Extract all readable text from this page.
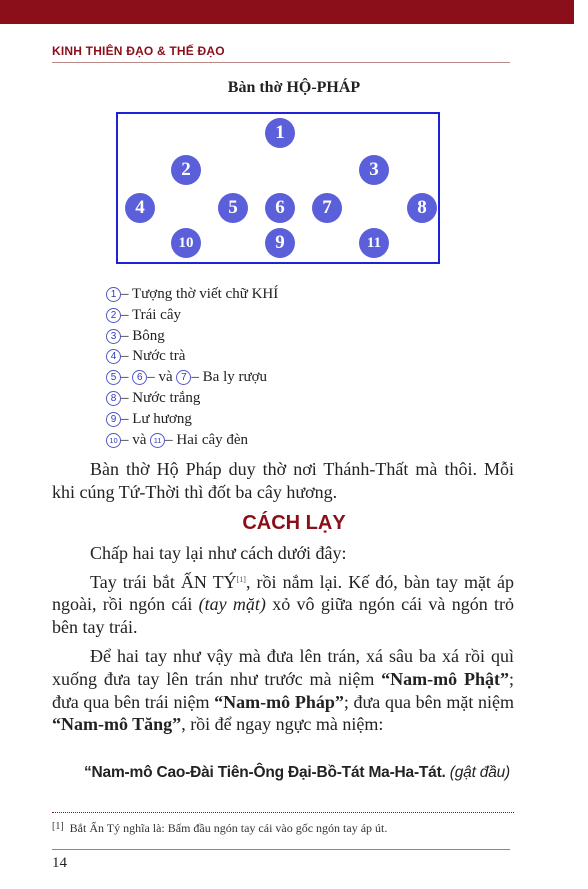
KINH THIÊN ĐẠO & THẾ ĐẠO
Bàn thờ HỘ-PHÁP
1
2	3
4	5	6	7	8
10	9	11
1 – Tượng thờ viết chữ KHÍ
2 – Trái cây
3 – Bông
4 – Nước trà
5 – 6 – và 7 – Ba ly rượu
8 – Nước trắng
9 – Lư hương
10 – và 11 – Hai cây đèn

Bàn thờ Hộ Pháp duy thờ nơi Thánh-Thất mà thôi. Mỗi khi cúng Tứ-Thời thì đốt ba cây hương.

CÁCH LẠY

Chấp hai tay lại như cách dưới đây:

Tay trái bắt ẤN TÝ[1], rồi nắm lại. Kế đó, bàn tay mặt áp ngoài, rồi ngón cái (tay mặt) xỏ vô giữa ngón cái và ngón trỏ bên tay trái.

Để hai tay như vậy mà đưa lên trán, xá sâu ba xá rồi quì xuống đưa tay lên trán như trước mà niệm “Nam-mô Phật”; đưa qua bên trái niệm “Nam-mô Pháp”; đưa qua bên mặt niệm “Nam-mô Tăng”, rồi để ngay ngực mà niệm:

“Nam-mô Cao-Đài Tiên-Ông Đại-Bồ-Tát Ma-Ha-Tát. (gật đầu)
[1] Bắt Ấn Tý nghĩa là: Bấm đầu ngón tay cái vào gốc ngón tay áp út.
14
